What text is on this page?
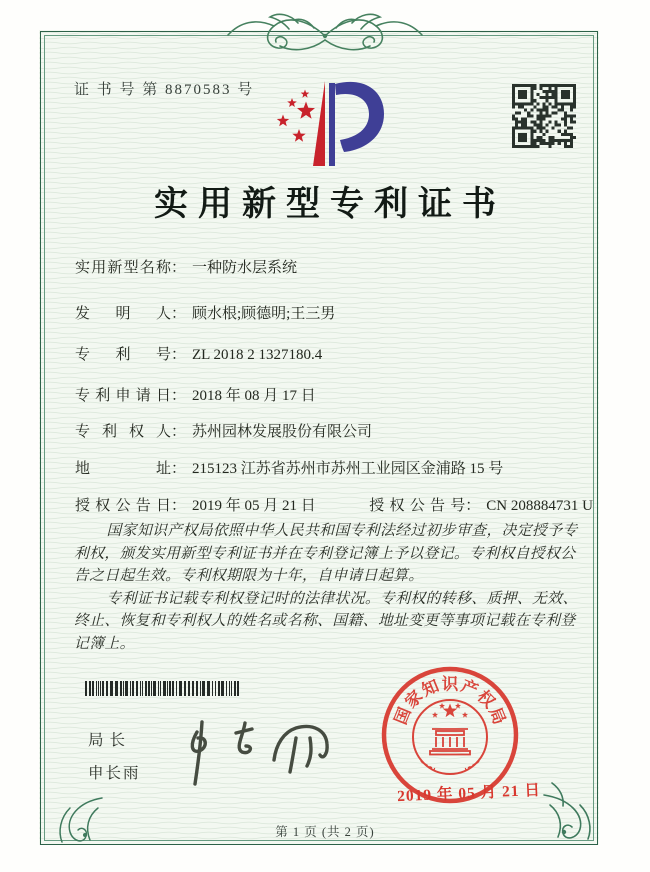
证 书 号 第 8870583 号
实用新型专利证书
实用新型名称： 一种防水层系统
发明人： 顾水根;顾德明;王三男
专利号： ZL 2018 2 1327180.4
专利申请日： 2018 年 08 月 17 日
专利权人： 苏州园林发展股份有限公司
地址： 215123 江苏省苏州市苏州工业园区金浦路 15 号
授权公告日： 2019 年 05 月 21 日	授权公告号： CN 208884731 U

国家知识产权局依照中华人民共和国专利法经过初步审查，决定授予专利权，颁发实用新型专利证书并在专利登记簿上予以登记。专利权自授权公告之日起生效。专利权期限为十年，自申请日起算。

专利证书记载专利权登记时的法律状况。专利权的转移、质押、无效、终止、恢复和专利权人的姓名或名称、国籍、地址变更等事项记载在专利登记簿上。

局长
申长雨
国
家
知 识 产
权
局
2019 年 05 月 21 日
第 1 页 (共 2 页)
